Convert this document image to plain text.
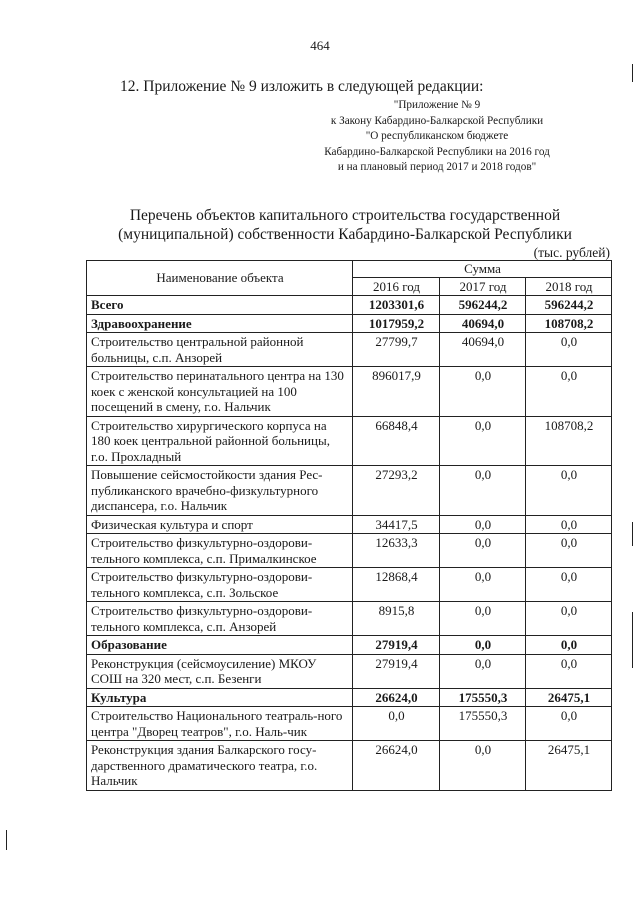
464
12. Приложение № 9 изложить в следующей редакции:
"Приложение № 9
к Закону Кабардино-Балкарской Республики
"О республиканском бюджете
Кабардино-Балкарской Республики на 2016 год
и на плановый период 2017 и 2018 годов"
Перечень объектов капитального строительства государственной
(муниципальной) собственности Кабардино-Балкарской Республики
(тыс. рублей)
Наименование объекта	Сумма		
	2016 год	2017 год	2018 год
Всего	1203301,6	596244,2	596244,2
Здравоохранение	1017959,2	40694,0	108708,2
Строительство центральной районной больницы, с.п. Анзорей	27799,7	40694,0	0,0
Строительство перинатального центра на 130 коек с женской консультацией на 100 посещений в смену, г.о. Нальчик	896017,9	0,0	0,0
Строительство хирургического корпуса на 180 коек центральной районной больницы, г.о. Прохладный	66848,4	0,0	108708,2
Повышение сейсмостойкости здания Рес-публиканского врачебно-физкультурного диспансера, г.о. Нальчик	27293,2	0,0	0,0
Физическая культура и спорт	34417,5	0,0	0,0
Строительство физкультурно-оздорови-тельного комплекса, с.п. Прималкинское	12633,3	0,0	0,0
Строительство физкультурно-оздорови-тельного комплекса, с.п. Зольское	12868,4	0,0	0,0
Строительство физкультурно-оздорови-тельного комплекса, с.п. Анзорей	8915,8	0,0	0,0
Образование	27919,4	0,0	0,0
Реконструкция (сейсмоусиление) МКОУ СОШ на 320 мест, с.п. Безенги	27919,4	0,0	0,0
Культура	26624,0	175550,3	26475,1
Строительство Национального театраль-ного центра "Дворец театров", г.о. Наль-чик	0,0	175550,3	0,0
Реконструкция здания Балкарского госу-дарственного драматического театра, г.о. Нальчик	26624,0	0,0	26475,1
